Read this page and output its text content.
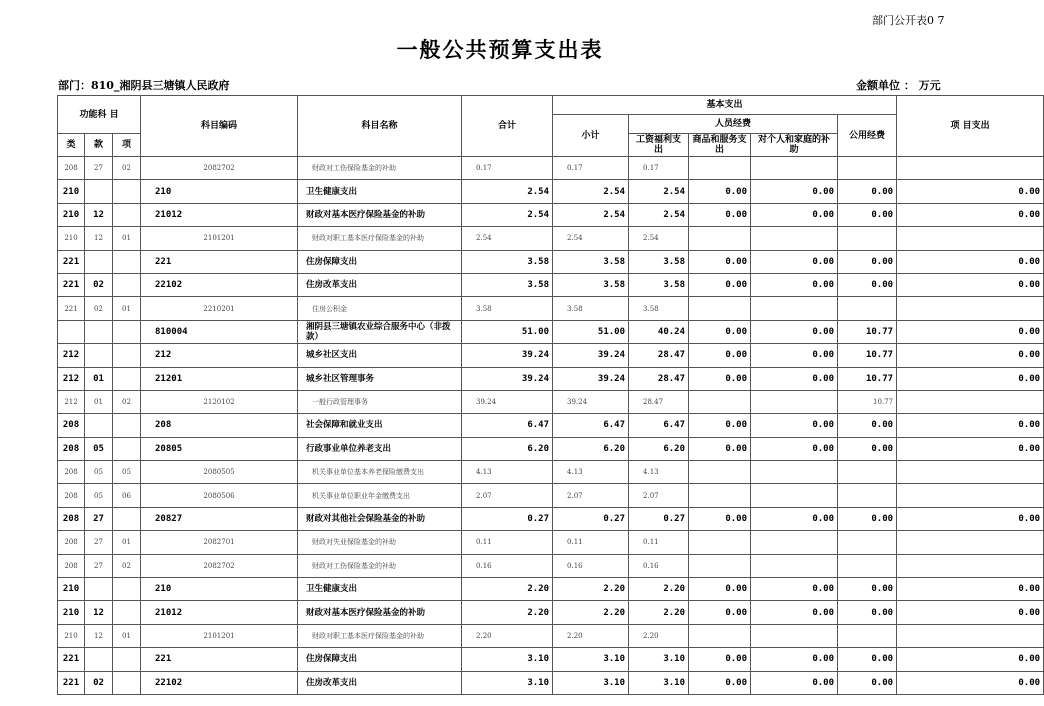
部门公开表0 7
一般公共预算支出表
部门：810_湘阴县三塘镇人民政府	金额单位 ： 万元
功能科 目			科目编码	科目名称	合计	基本支出					项 目支出
						小计	人员经费			公用经费	
类	款	项					工资福利支出	商品和服务支出	对个人和家庭的补助		
208	27	02	2082702	财政对工伤保险基金的补助	0.17	0.17	0.17				
210			210	卫生健康支出	2.54	2.54	2.54	0.00	0.00	0.00	0.00
210	12		21012	财政对基本医疗保险基金的补助	2.54	2.54	2.54	0.00	0.00	0.00	0.00
210	12	01	2101201	财政对职工基本医疗保险基金的补助	2.54	2.54	2.54				
221			221	住房保障支出	3.58	3.58	3.58	0.00	0.00	0.00	0.00
221	02		22102	住房改革支出	3.58	3.58	3.58	0.00	0.00	0.00	0.00
221	02	01	2210201	住房公积金	3.58	3.58	3.58				
			810004	湘阴县三塘镇农业综合服务中心（非拨款）	51.00	51.00	40.24	0.00	0.00	10.77	0.00
212			212	城乡社区支出	39.24	39.24	28.47	0.00	0.00	10.77	0.00
212	01		21201	城乡社区管理事务	39.24	39.24	28.47	0.00	0.00	10.77	0.00
212	01	02	2120102	一般行政管理事务	39.24	39.24	28.47			10.77	
208			208	社会保障和就业支出	6.47	6.47	6.47	0.00	0.00	0.00	0.00
208	05		20805	行政事业单位养老支出	6.20	6.20	6.20	0.00	0.00	0.00	0.00
208	05	05	2080505	机关事业单位基本养老保险缴费支出	4.13	4.13	4.13				
208	05	06	2080506	机关事业单位职业年金缴费支出	2.07	2.07	2.07				
208	27		20827	财政对其他社会保险基金的补助	0.27	0.27	0.27	0.00	0.00	0.00	0.00
208	27	01	2082701	财政对失业保险基金的补助	0.11	0.11	0.11				
208	27	02	2082702	财政对工伤保险基金的补助	0.16	0.16	0.16				
210			210	卫生健康支出	2.20	2.20	2.20	0.00	0.00	0.00	0.00
210	12		21012	财政对基本医疗保险基金的补助	2.20	2.20	2.20	0.00	0.00	0.00	0.00
210	12	01	2101201	财政对职工基本医疗保险基金的补助	2.20	2.20	2.20				
221			221	住房保障支出	3.10	3.10	3.10	0.00	0.00	0.00	0.00
221	02		22102	住房改革支出	3.10	3.10	3.10	0.00	0.00	0.00	0.00
